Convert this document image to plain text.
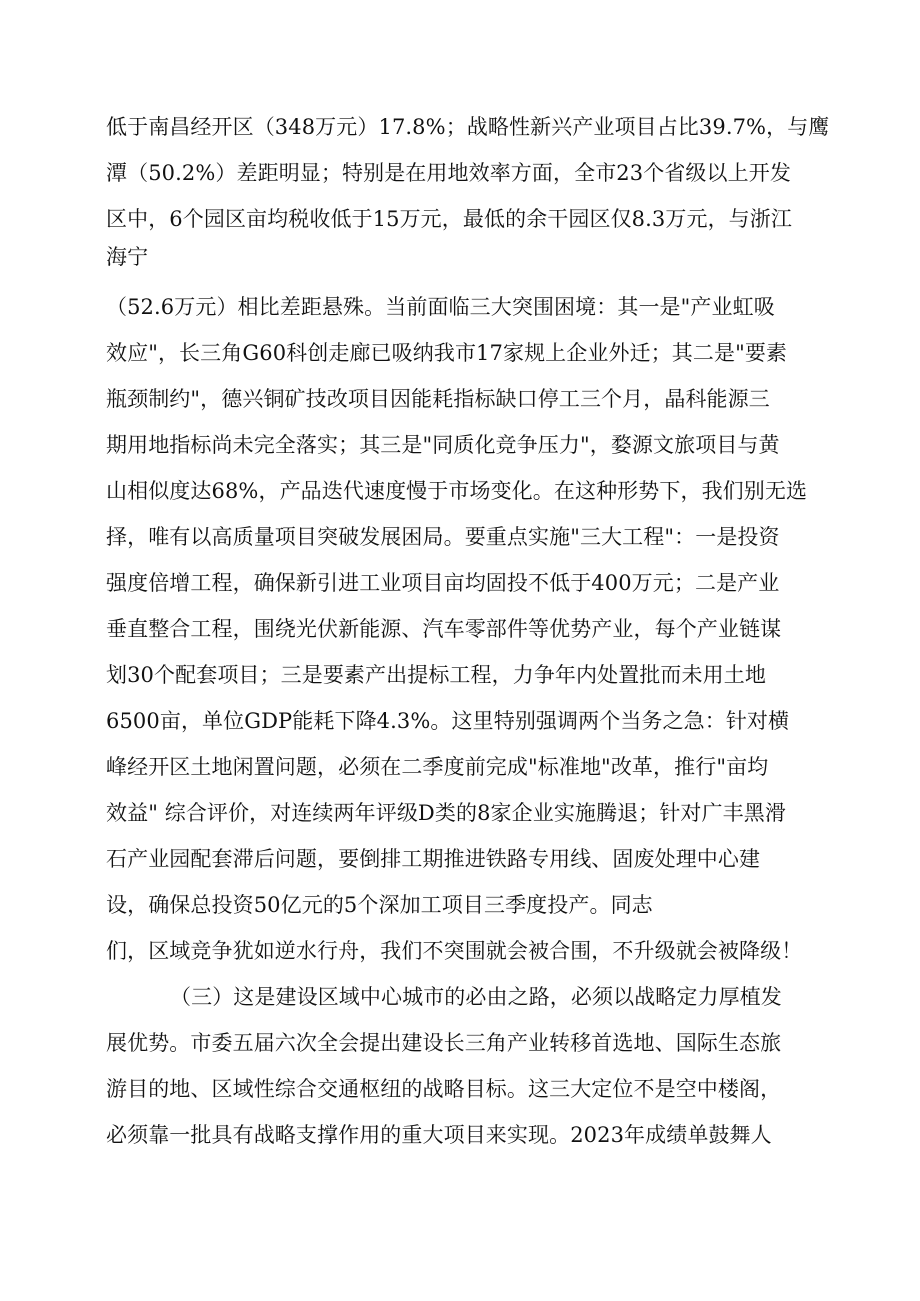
低于南昌经开区（348万元）17.8%；战略性新兴产业项目占比39.7%，与鹰
潭（50.2%）差距明显；特别是在用地效率方面，全市23个省级以上开发
区中，6个园区亩均税收低于15万元，最低的余干园区仅8.3万元，与浙江
海宁
（52.6万元）相比差距悬殊。当前面临三大突围困境：其一是"产业虹吸
效应"，长三角G60科创走廊已吸纳我市17家规上企业外迁；其二是"要素
瓶颈制约"，德兴铜矿技改项目因能耗指标缺口停工三个月，晶科能源三
期用地指标尚未完全落实；其三是"同质化竞争压力"，婺源文旅项目与黄
山相似度达68%，产品迭代速度慢于市场变化。在这种形势下，我们别无选
择，唯有以高质量项目突破发展困局。要重点实施"三大工程"：一是投资
强度倍增工程，确保新引进工业项目亩均固投不低于400万元；二是产业
垂直整合工程，围绕光伏新能源、汽车零部件等优势产业，每个产业链谋
划30个配套项目；三是要素产出提标工程，力争年内处置批而未用土地
6500亩，单位GDP能耗下降4.3%。这里特别强调两个当务之急：针对横
峰经开区土地闲置问题，必须在二季度前完成"标准地"改革，推行"亩均
效益" 综合评价，对连续两年评级D类的8家企业实施腾退；针对广丰黑滑
石产业园配套滞后问题，要倒排工期推进铁路专用线、固废处理中心建
设，确保总投资50亿元的5个深加工项目三季度投产。同志
们，区域竞争犹如逆水行舟，我们不突围就会被合围，不升级就会被降级！
（三）这是建设区域中心城市的必由之路，必须以战略定力厚植发
展优势。市委五届六次全会提出建设长三角产业转移首选地、国际生态旅
游目的地、区域性综合交通枢纽的战略目标。这三大定位不是空中楼阁，
必须靠一批具有战略支撑作用的重大项目来实现。2023年成绩单鼓舞人
